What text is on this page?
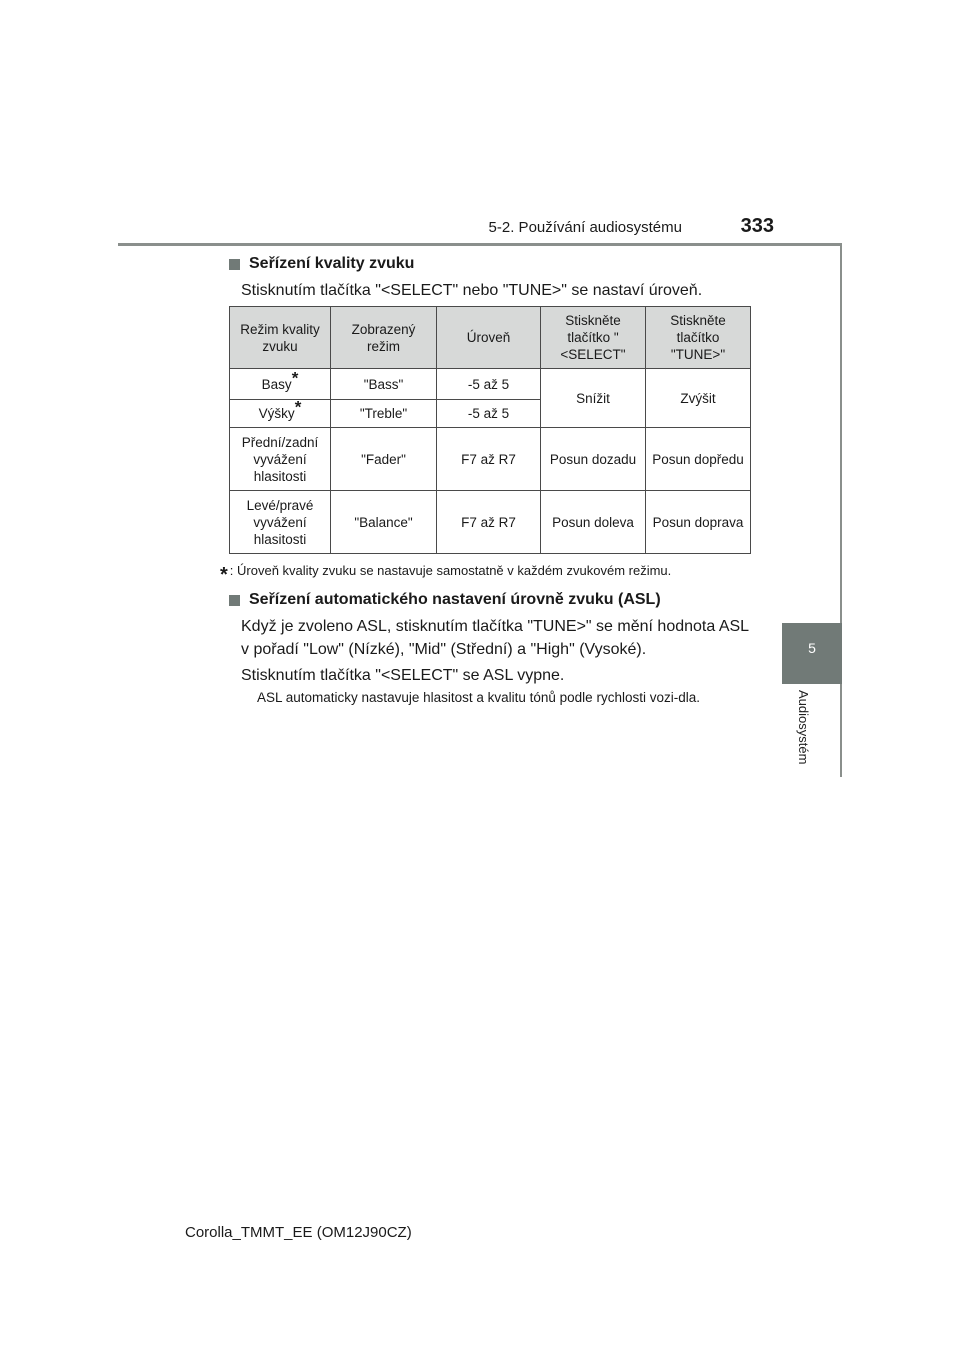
5-2. Používání audiosystému	333
5
Audiosystém
Seřízení kvality zvuku
Stisknutím tlačítka "<SELECT" nebo "TUNE>" se nastaví úroveň.
Režim kvality zvuku	Zobrazený režim	Úroveň	Stiskněte tlačítko "<SELECT"	Stiskněte tlačítko "TUNE>"
Basy*	"Bass"	-5 až 5	Snížit	Zvýšit
Výšky*	"Treble"	-5 až 5		
Přední/zadní vyvážení hlasitosti	"Fader"	F7 až R7	Posun dozadu	Posun dopředu
Levé/pravé vyvážení hlasitosti	"Balance"	F7 až R7	Posun doleva	Posun doprava
* : Úroveň kvality zvuku se nastavuje samostatně v každém zvukovém režimu.
Seřízení automatického nastavení úrovně zvuku (ASL)
Když je zvoleno ASL, stisknutím tlačítka "TUNE>" se mění hodnota ASL v pořadí "Low" (Nízké), "Mid" (Střední) a "High" (Vysoké).
Stisknutím tlačítka "<SELECT" se ASL vypne.
ASL automaticky nastavuje hlasitost a kvalitu tónů podle rychlosti vozi-dla.
Corolla_TMMT_EE (OM12J90CZ)
